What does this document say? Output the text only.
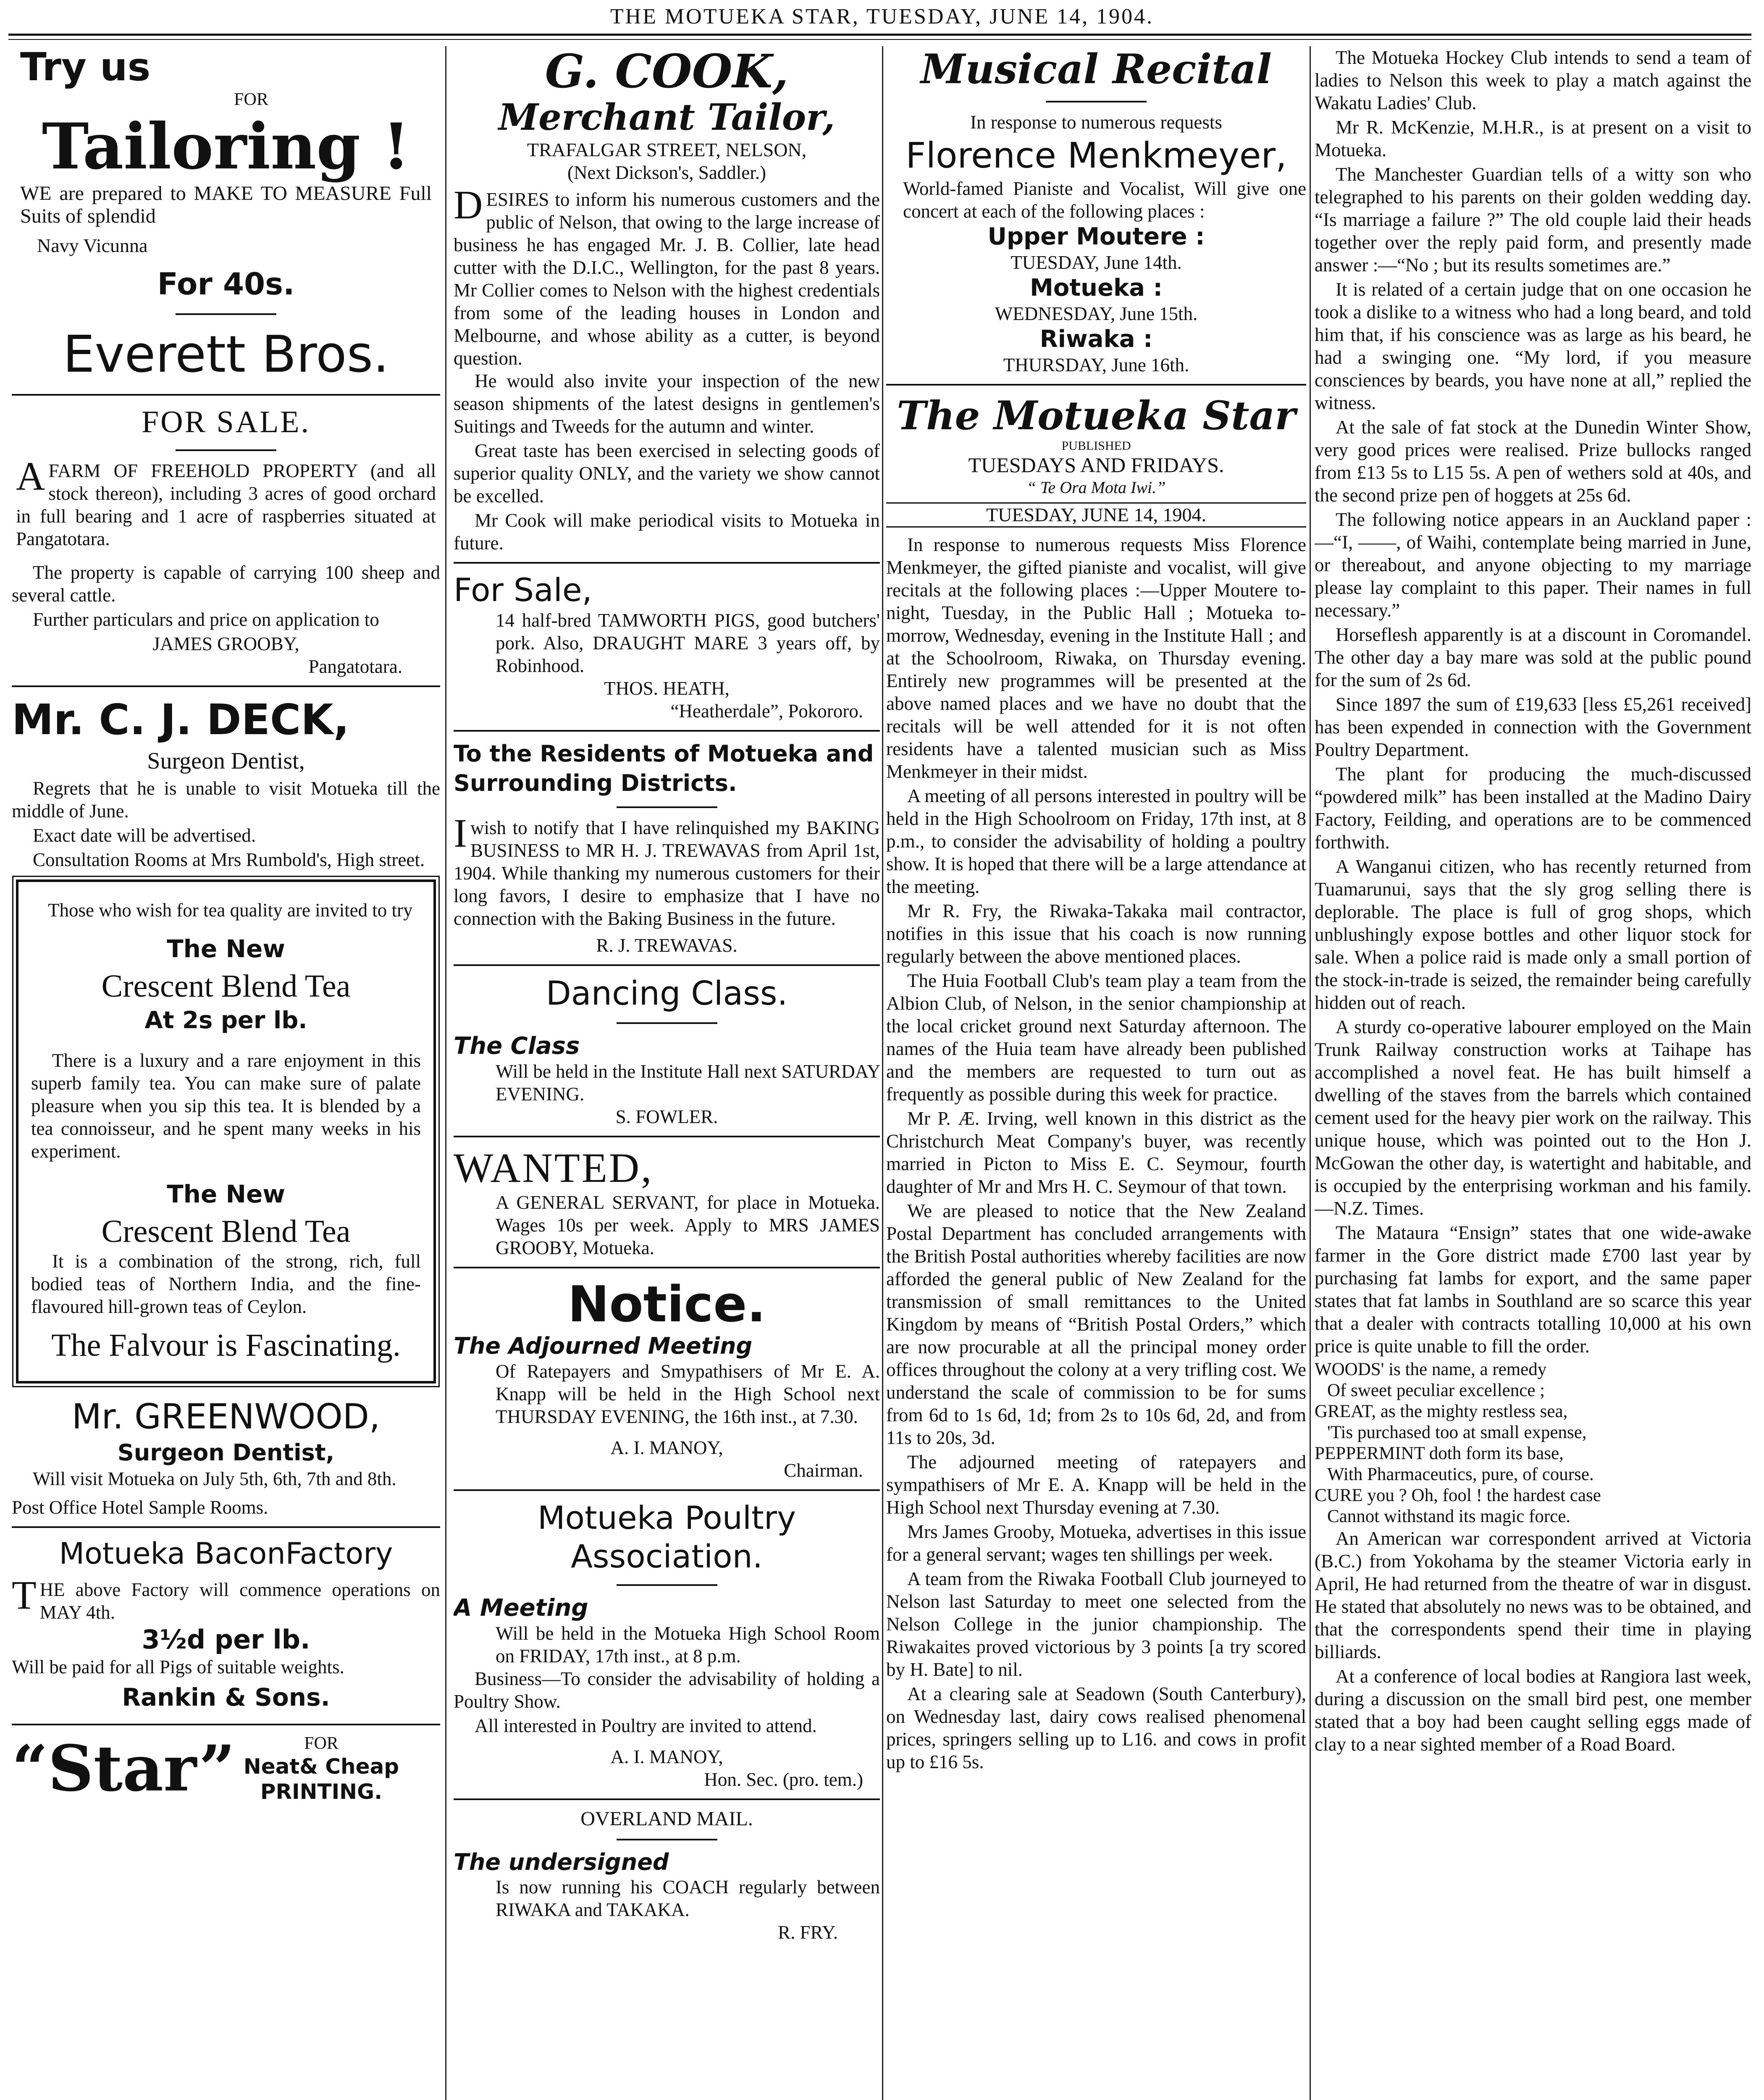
THE MOTUEKA STAR, TUESDAY, JUNE 14, 1904.
Try us
FOR
Tailoring !
WE are prepared to MAKE TO MEASURE Full Suits of splendid
Navy Vicunna
For 40s.
Everett Bros.
FOR SALE.
AFARM OF FREEHOLD PROPERTY (and all stock thereon), including 3 acres of good orchard in full bearing and 1 acre of raspberries situated at Pangatotara.
The property is capable of carrying 100 sheep and several cattle.
Further particulars and price on application to
JAMES GROOBY,
Pangatotara.
Mr. C. J. DECK,
Surgeon Dentist,
Regrets that he is unable to visit Motueka till the middle of June.
Exact date will be advertised.
Consultation Rooms at Mrs Rumbold's, High street.
Those who wish for tea quality are invited to try
The New
Crescent Blend Tea
At 2s per lb.
There is a luxury and a rare enjoyment in this superb family tea. You can make sure of palate pleasure when you sip this tea. It is blended by a tea connoisseur, and he spent many weeks in his experiment.
The New
Crescent Blend Tea
It is a combination of the strong, rich, full bodied teas of Northern India, and the fine-flavoured hill-grown teas of Ceylon.
The Falvour is Fascinating.
Mr. GREENWOOD,
Surgeon Dentist,
Will visit Motueka on July 5th, 6th, 7th and 8th.
Post Office Hotel Sample Rooms.
Motueka BaconFactory
THE above Factory will commence operations on MAY 4th.
3½d per lb.
Will be paid for all Pigs of suitable weights.
Rankin & Sons.
“Star”	FOR
Neat& Cheap
PRINTING.
G. COOK,
Merchant Tailor,
TRAFALGAR STREET, NELSON,
(Next Dickson's, Saddler.)
DESIRES to inform his numerous customers and the public of Nelson, that owing to the large increase of business he has engaged Mr. J. B. Collier, late head cutter with the D.I.C., Wellington, for the past 8 years. Mr Collier comes to Nelson with the highest credentials from some of the leading houses in London and Melbourne, and whose ability as a cutter, is beyond question.
He would also invite your inspection of the new season shipments of the latest designs in gentlemen's Suitings and Tweeds for the autumn and winter.
Great taste has been exercised in selecting goods of superior quality ONLY, and the variety we show cannot be excelled.
Mr Cook will make periodical visits to Motueka in future.
For Sale,
14 half-bred TAMWORTH PIGS, good butchers' pork. Also, DRAUGHT MARE 3 years off, by Robinhood.
THOS. HEATH,
“Heatherdale”, Pokororo.
To the Residents of Motueka and Surrounding Districts.
Iwish to notify that I have relinquished my BAKING BUSINESS to MR H. J. TREWAVAS from April 1st, 1904. While thanking my numerous customers for their long favors, I desire to emphasize that I have no connection with the Baking Business in the future.
R. J. TREWAVAS.
Dancing Class.
The Class
Will be held in the Institute Hall next SATURDAY EVENING.
S. FOWLER.
WANTED,
A GENERAL SERVANT, for place in Motueka. Wages 10s per week. Apply to MRS JAMES GROOBY, Motueka.
Notice.
The Adjourned Meeting
Of Ratepayers and Smypathisers of Mr E. A. Knapp will be held in the High School next THURSDAY EVENING, the 16th inst., at 7.30.
A. I. MANOY,
Chairman.
Motueka Poultry Association.
A Meeting
Will be held in the Motueka High School Room on FRIDAY, 17th inst., at 8 p.m.
Business—To consider the advisability of holding a Poultry Show.
All interested in Poultry are invited to attend.
A. I. MANOY,
Hon. Sec. (pro. tem.)
OVERLAND MAIL.
The undersigned
Is now running his COACH regularly between RIWAKA and TAKAKA.
R. FRY.
Musical Recital
In response to numerous requests
Florence Menkmeyer,
World-famed Pianiste and Vocalist, Will give one concert at each of the following places :
Upper Moutere :
TUESDAY, June 14th.
Motueka :
WEDNESDAY, June 15th.
Riwaka :
THURSDAY, June 16th.
The Motueka Star
PUBLISHED
TUESDAYS AND FRIDAYS.
“ Te Ora Mota Iwi.”
TUESDAY, JUNE 14, 1904.
In response to numerous requests Miss Florence Menkmeyer, the gifted pianiste and vocalist, will give recitals at the following places :—Upper Moutere to-night, Tuesday, in the Public Hall ; Motueka to-morrow, Wednesday, evening in the Institute Hall ; and at the Schoolroom, Riwaka, on Thursday evening. Entirely new programmes will be presented at the above named places and we have no doubt that the recitals will be well attended for it is not often residents have a talented musician such as Miss Menkmeyer in their midst.
A meeting of all persons interested in poultry will be held in the High Schoolroom on Friday, 17th inst, at 8 p.m., to consider the advisability of holding a poultry show. It is hoped that there will be a large attendance at the meeting.
Mr R. Fry, the Riwaka-Takaka mail contractor, notifies in this issue that his coach is now running regularly between the above mentioned places.
The Huia Football Club's team play a team from the Albion Club, of Nelson, in the senior championship at the local cricket ground next Saturday afternoon. The names of the Huia team have already been published and the members are requested to turn out as frequently as possible during this week for practice.
Mr P. Æ. Irving, well known in this district as the Christchurch Meat Company's buyer, was recently married in Picton to Miss E. C. Seymour, fourth daughter of Mr and Mrs H. C. Seymour of that town.
We are pleased to notice that the New Zealand Postal Department has concluded arrangements with the British Postal authorities whereby facilities are now afforded the general public of New Zealand for the transmission of small remittances to the United Kingdom by means of “British Postal Orders,” which are now procurable at all the principal money order offices throughout the colony at a very trifling cost. We understand the scale of commission to be for sums from 6d to 1s 6d, 1d; from 2s to 10s 6d, 2d, and from 11s to 20s, 3d.
The adjourned meeting of ratepayers and sympathisers of Mr E. A. Knapp will be held in the High School next Thursday evening at 7.30.
Mrs James Grooby, Motueka, advertises in this issue for a general servant; wages ten shillings per week.
A team from the Riwaka Football Club journeyed to Nelson last Saturday to meet one selected from the Nelson College in the junior championship. The Riwakaites proved victorious by 3 points [a try scored by H. Bate] to nil.
At a clearing sale at Seadown (South Canterbury), on Wednesday last, dairy cows realised phenomenal prices, springers selling up to L16. and cows in profit up to £16 5s.
The Motueka Hockey Club intends to send a team of ladies to Nelson this week to play a match against the Wakatu Ladies' Club.
Mr R. McKenzie, M.H.R., is at present on a visit to Motueka.
The Manchester Guardian tells of a witty son who telegraphed to his parents on their golden wedding day. “Is marriage a failure ?” The old couple laid their heads together over the reply paid form, and presently made answer :—“No ; but its results sometimes are.”
It is related of a certain judge that on one occasion he took a dislike to a witness who had a long beard, and told him that, if his conscience was as large as his beard, he had a swinging one. “My lord, if you measure consciences by beards, you have none at all,” replied the witness.
At the sale of fat stock at the Dunedin Winter Show, very good prices were realised. Prize bullocks ranged from £13 5s to L15 5s. A pen of wethers sold at 40s, and the second prize pen of hoggets at 25s 6d.
The following notice appears in an Auckland paper :—“I, ——, of Waihi, contemplate being married in June, or thereabout, and anyone objecting to my marriage please lay complaint to this paper. Their names in full necessary.”
Horseflesh apparently is at a discount in Coromandel. The other day a bay mare was sold at the public pound for the sum of 2s 6d.
Since 1897 the sum of £19,633 [less £5,261 received] has been expended in connection with the Government Poultry Department.
The plant for producing the much-discussed “powdered milk” has been installed at the Madino Dairy Factory, Feilding, and operations are to be commenced forthwith.
A Wanganui citizen, who has recently returned from Tuamarunui, says that the sly grog selling there is deplorable. The place is full of grog shops, which unblushingly expose bottles and other liquor stock for sale. When a police raid is made only a small portion of the stock-in-trade is seized, the remainder being carefully hidden out of reach.
A sturdy co-operative labourer employed on the Main Trunk Railway construction works at Taihape has accomplished a novel feat. He has built himself a dwelling of the staves from the barrels which contained cement used for the heavy pier work on the railway. This unique house, which was pointed out to the Hon J. McGowan the other day, is watertight and habitable, and is occupied by the enterprising workman and his family.—N.Z. Times.
The Mataura “Ensign” states that one wide-awake farmer in the Gore district made £700 last year by purchasing fat lambs for export, and the same paper states that fat lambs in Southland are so scarce this year that a dealer with contracts totalling 10,000 at his own price is quite unable to fill the order.
WOODS' is the name, a remedy
Of sweet peculiar excellence ;
GREAT, as the mighty restless sea,
'Tis purchased too at small expense,
PEPPERMINT doth form its base,
With Pharmaceutics, pure, of course.
CURE you ? Oh, fool ! the hardest case
Cannot withstand its magic force.
An American war correspondent arrived at Victoria (B.C.) from Yokohama by the steamer Victoria early in April, He had returned from the theatre of war in disgust. He stated that absolutely no news was to be obtained, and that the correspondents spend their time in playing billiards.
At a conference of local bodies at Rangiora last week, during a discussion on the small bird pest, one member stated that a boy had been caught selling eggs made of clay to a near sighted member of a Road Board.
